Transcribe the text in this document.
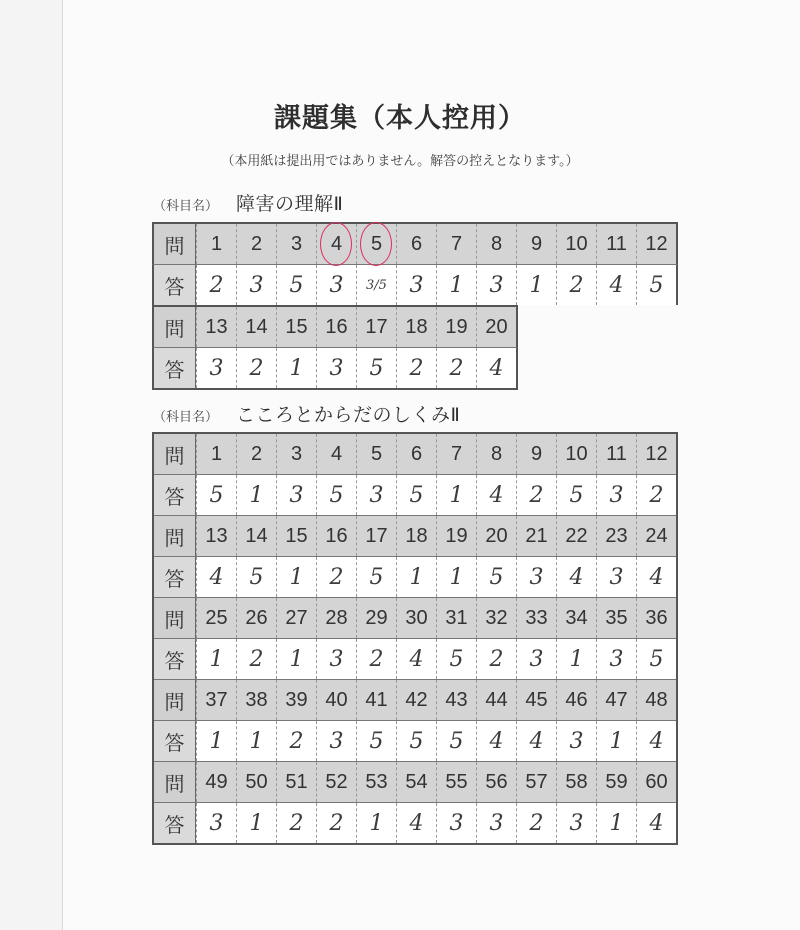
課題集（本人控用）
（本用紙は提出用ではありません。解答の控えとなります。）
（科目名） 障害の理解Ⅱ
問	1	2	3	4	5	6	7	8	9	10 11 12
答	2	3	5	3	3/5	3	1	3	1	2	4	5
問	13 14 15 16 17 18 19 20
答	3	2	1	3	5	2	2	4
（科目名） こころとからだのしくみⅡ
問	1	2	3	4	5	6	7	8	9	10 11 12
答	5	1	3	5	3	5	1	4	2	5	3	2
問	13 14 15 16 17 18 19 20 21 22 23 24
答	4	5	1	2	5	1	1	5	3	4	3	4
問	25 26 27 28 29 30 31 32 33 34 35 36
答	1	2	1	3	2	4	5	2	3	1	3	5
問	37 38 39 40 41 42 43 44 45 46 47 48
答	1	1	2	3	5	5	5	4	4	3	1	4
問	49 50 51 52 53 54 55 56 57 58 59 60
答	3	1	2	2	1	4	3	3	2	3	1	4
